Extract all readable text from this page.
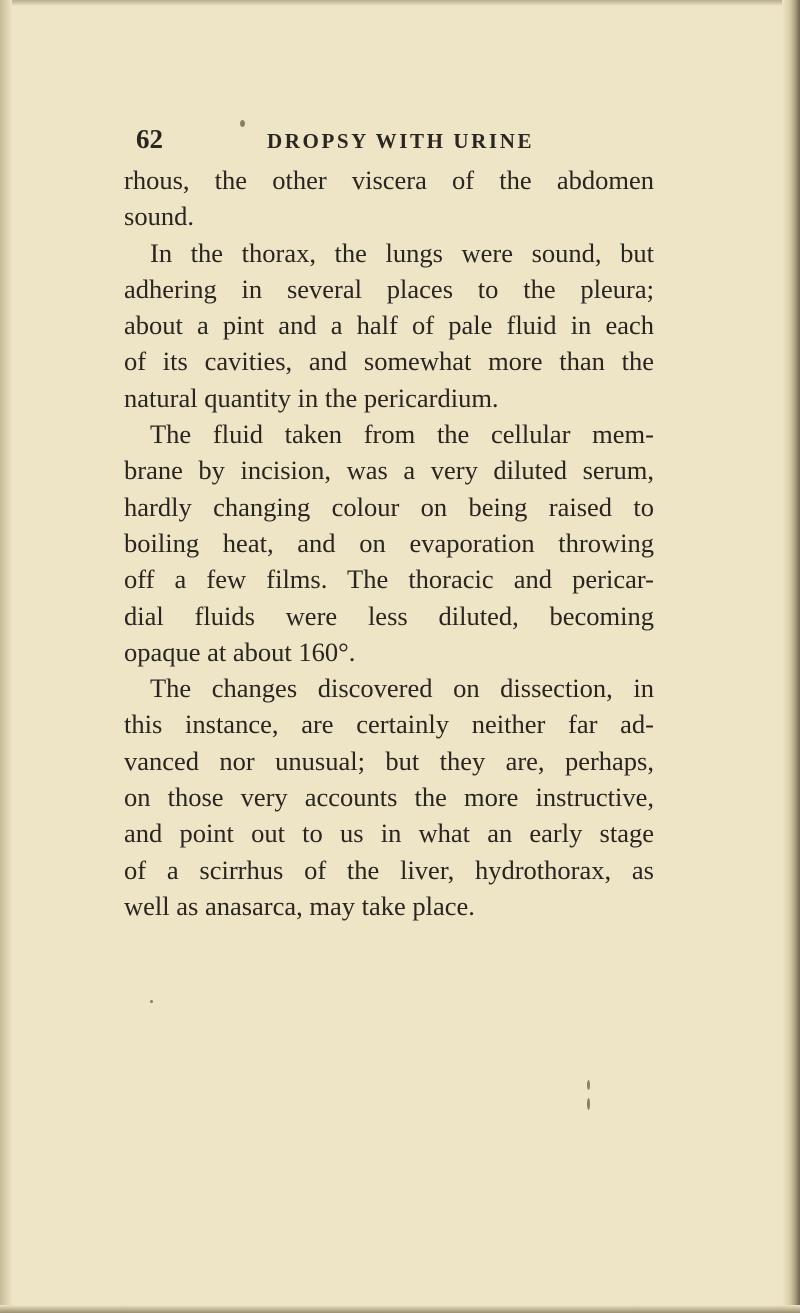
62	DROPSY WITH URINE
rhous, the other viscera of the abdomen
sound.
In the thorax, the lungs were sound, but
adhering in several places to the pleura;
about a pint and a half of pale fluid in each
of its cavities, and somewhat more than the
natural quantity in the pericardium.
The fluid taken from the cellular mem-
brane by incision, was a very diluted serum,
hardly changing colour on being raised to
boiling heat, and on evaporation throwing
off a few films. The thoracic and pericar-
dial fluids were less diluted, becoming
opaque at about 160°.
The changes discovered on dissection, in
this instance, are certainly neither far ad-
vanced nor unusual; but they are, perhaps,
on those very accounts the more instructive,
and point out to us in what an early stage
of a scirrhus of the liver, hydrothorax, as
well as anasarca, may take place.
